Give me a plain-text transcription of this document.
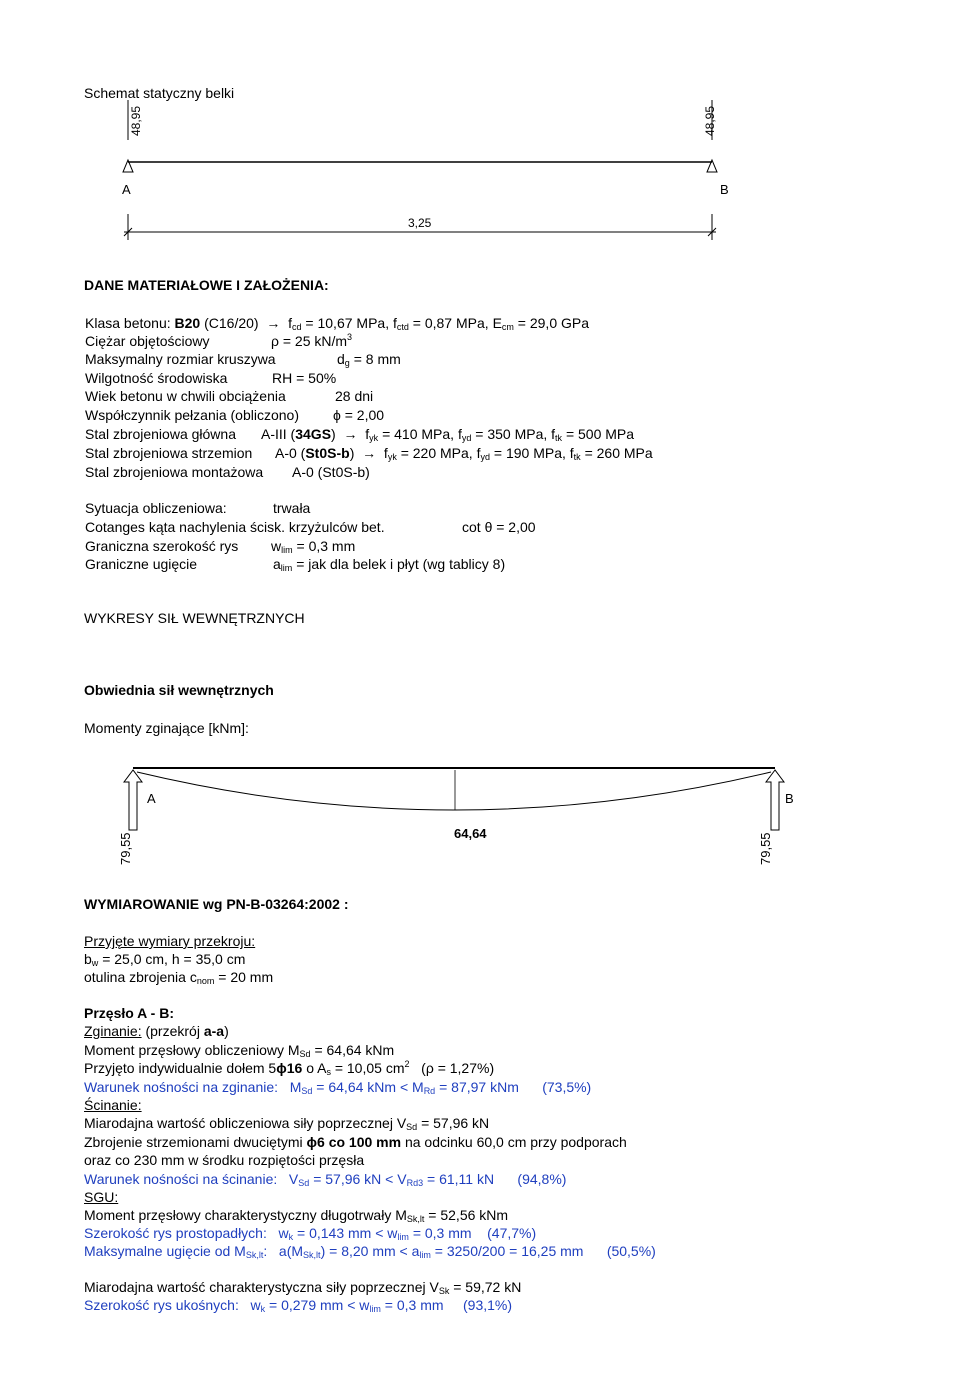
Schemat statyczny belki
48,95	48,95
A	B
3,25
A	B
79,55	64,64	79,55
DANE MATERIAŁOWE I ZAŁOŻENIA:
Klasa betonu: B20 $(C16/20) \to f_{cd} = 10,67$ MPa, $f_{ctd} = 0,87$ MPa, $E_{cm} = 29,0$ GPa
Ciężar objętościowy	ρ = 25 $kN/m^3$
Maksymalny rozmiar kruszywa	$d_g = 8$ mm
Wilgotność środowiska	RH = 50%
Wiek betonu w chwili obciążenia	28 dni
Współczynnik pełzania (obliczono) ϕ = 2,00
Stal zbrojeniowa główna A-III $(34GS) \to f_{yk} = 410$ MPa, $f_{yd} = 350$ MPa, $f_{tk} = 500$ MPa
Stal zbrojeniowa strzemion A-0 $(St0S-b) \to f_{yk} = 220$ MPa, $f_{yd} = 190$ MPa, $f_{tk} = 260$ MPa
Stal zbrojeniowa montażowa A-0 (St0S-b)
Sytuacja obliczeniowa:	trwała
Cotanges kąta nachylenia ścisk. krzyżulców bet.	cot θ = 2,00
Graniczna szerokość rys $w_{lim} = 0,3$ mm
Graniczne ugięcie	$a_{lim}$ = jak dla belek i płyt (wg tablicy 8)
WYKRESY SIŁ WEWNĘTRZNYCH
Obwiednia sił wewnętrznych
Momenty zginające [kNm]:
WYMIAROWANIE wg PN-B-03264:2002 :
Przyjęte wymiary przekroju:
$b_w = 25,0$ cm, h = 35,0 cm
otulina zbrojenia $c_{nom} = 20$ mm
Przęsło A - B:
Zginanie: (przekrój a-a)
Moment przęsłowy obliczeniowy $M_{Sd} = 64,64$ kNm
Przyjęto indywidualnie dołem 5ϕ16 o $A_s = 10,05$ $cm^2$ (ρ = 1,27%)
Warunek nośności na zginanie:   $M_{Sd} = 64,64$ kNm < $M_{Rd} = 87,97$ kNm (73,5%)
Ścinanie:
Miarodajna wartość obliczeniowa siły poprzecznej $V_{Sd} = 57,96$ kN
Zbrojenie strzemionami dwuciętymi ϕ6 co 100 mm na odcinku 60,0 cm przy podporach
oraz co 230 mm w środku rozpiętości przęsła
Warunek nośności na ścinanie:   $V_{Sd} = 57,96$ kN < $V_{Rd3} = 61,11$ kN (94,8%)
SGU:
Moment przęsłowy charakterystyczny długotrwały $M_{Sk,lt} = 52,56$ kNm
Szerokość rys prostopadłych:   $w_k = 0,143$ mm < $w_{lim} = 0,3$ mm (47,7%)
Maksymalne ugięcie od $M_{Sk,lt}$:   $a(M_{Sk,lt}) = 8,20$ mm < $a_{lim} = 3250/200 = 16,25$ mm (50,5%)
Miarodajna wartość charakterystyczna siły poprzecznej $V_{Sk} = 59,72$ kN
Szerokość rys ukośnych:   $w_k = 0,279$ mm < $w_{lim} = 0,3$ mm (93,1%)
